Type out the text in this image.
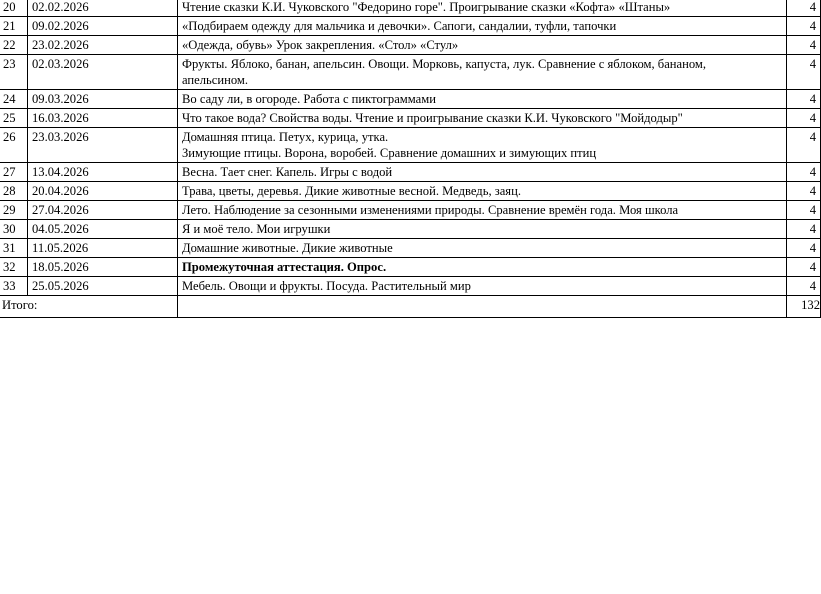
20	02.02.2026	Чтение сказки К.И. Чуковского "Федорино горе". Проигрывание сказки «Кофта» «Штаны»	4
21	09.02.2026	«Подбираем одежду для мальчика и девочки». Сапоги, сандалии, туфли, тапочки	4
22	23.02.2026	«Одежда, обувь» Урок закрепления. «Стол» «Стул»	4
23	02.03.2026	Фрукты. Яблоко, банан, апельсин. Овощи. Морковь, капуста, лук. Сравнение с яблоком, бананом,
апельсином.	4
24	09.03.2026	Во саду ли, в огороде. Работа с пиктограммами	4
25	16.03.2026	Что такое вода? Свойства воды. Чтение и проигрывание сказки К.И. Чуковского "Мойдодыр"	4
26	23.03.2026	Домашняя птица. Петух, курица, утка.
Зимующие птицы. Ворона, воробей. Сравнение домашних и зимующих птиц	4
27	13.04.2026	Весна. Тает снег. Капель. Игры с водой	4
28	20.04.2026	Трава, цветы, деревья. Дикие животные весной. Медведь, заяц.	4
29	27.04.2026	Лето. Наблюдение за сезонными изменениями природы. Сравнение времён года. Моя школа	4
30	04.05.2026	Я и моё тело. Мои игрушки	4
31	11.05.2026	Домашние животные. Дикие животные	4
32	18.05.2026	Промежуточная аттестация. Опрос.	4
33	25.05.2026	Мебель. Овощи и фрукты. Посуда. Растительный мир	4
Итого:			132
